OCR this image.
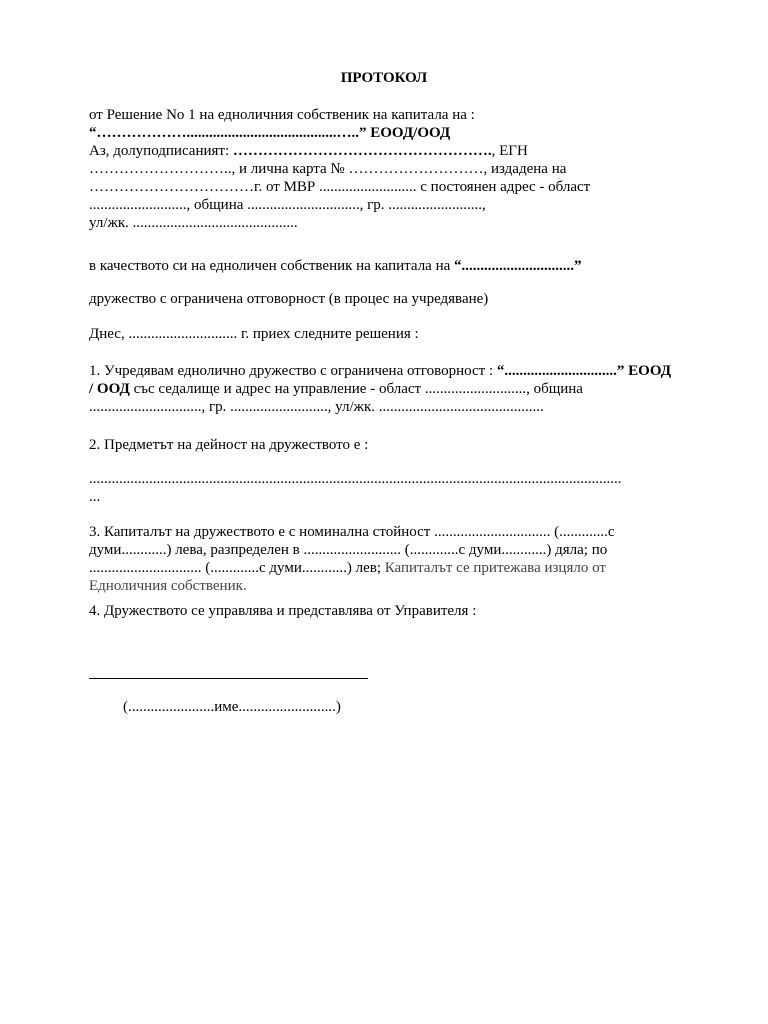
ПРОТОКОЛ
от Решение No 1 на едноличния собственик на капитала на :
“………………........................................…..” ЕООД/ООД
Аз, долуподписаният: ……………………………………………., ЕГН
……………………….., и лична карта № ………………………, издадена на
……………………………г. от МВР .......................... с постоянен адрес - област
.........................., община .............................., гр. .........................,
ул/жк. ............................................
в качеството си на едноличен собственик на капитала на “..............................”
дружество с ограничена отговорност (в процес на учредяване)
Днес, ............................. г. приех следните решения :
1. Учредявам еднолично дружество с ограничена отговорност : “..............................” ЕООД
/ ООД със седалище и адрес на управление - област ..........................., община
.............................., гр. .........................., ул/жк. ............................................
2. Предметът на дейност на дружеството е :
..............................................................................................................................................
...
3. Капиталът на дружеството е с номинална стойност ............................... (.............с
думи............) лева, разпределен в .......................... (.............с думи............) дяла; по
.............................. (.............с думи............) лев; Капиталът се притежава изцяло от
Едноличния собственик.
4. Дружеството се управлява и представлява от Управителя :
(.......................име..........................)
